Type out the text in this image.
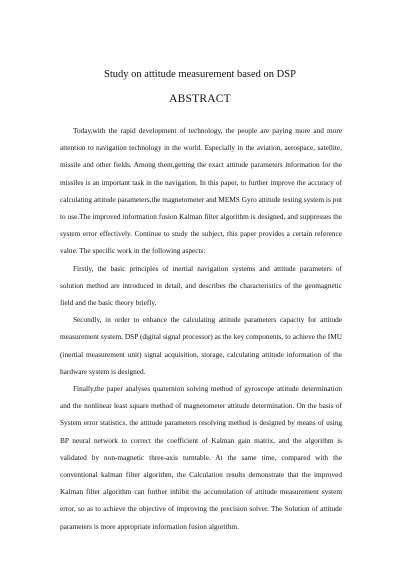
Study on attitude measurement based on DSP
ABSTRACT

Today,with the rapid development of technology, the people are paying more and more attention to navigation technology in the world. Especially in the aviation, aerospace, satellite, missile and other fields. Among them,getting the exact attitude parameters information for the missiles is an important task in the navigation. In this paper, to further improve the accuracy of calculating attitude parameters,the magnetometer and MEMS Gyro attitude testing system is put to use.The improved information fusion Kalman filter algorithm is designed, and suppresses the system error effectively. Continue to study the subject, this paper provides a certain reference value. The specific work in the following aspects:

Firstly, the basic principles of inertial navigation systems and attitude parameters of solution method are introduced in detail, and describes the characteristics of the geomagnetic field and the basic theory briefly.

Secondly, in order to enhance the calculating attitude parameters capacity for attitude measurement system, DSP (digital signal processor) as the key components, to achieve the IMU (inertial measurement unit) signal acquisition, storage, calculating attitude information of the hardware system is designed.

Finally,the paper analyses quaternion solving method of gyroscope attitude determination and the nonlinear least square method of magnetometer attitude determination. On the basis of System error statistics, the attitude parameters resolving method is designed by means of using BP neural network to correct the coefficient of Kalman gain matrix, and the algorithm is validated by non-magnetic three-axis turntable. At the same time, compared with the conventional kalman filter algorithm, the Calculation results demonstrate that the improved Kalman filter algorithm can further inhibit the accumulation of attitude measurement system error, so as to achieve the objective of improving the precision solver. The Solution of attitude parameters is more appropriate information fusion algorithm.
